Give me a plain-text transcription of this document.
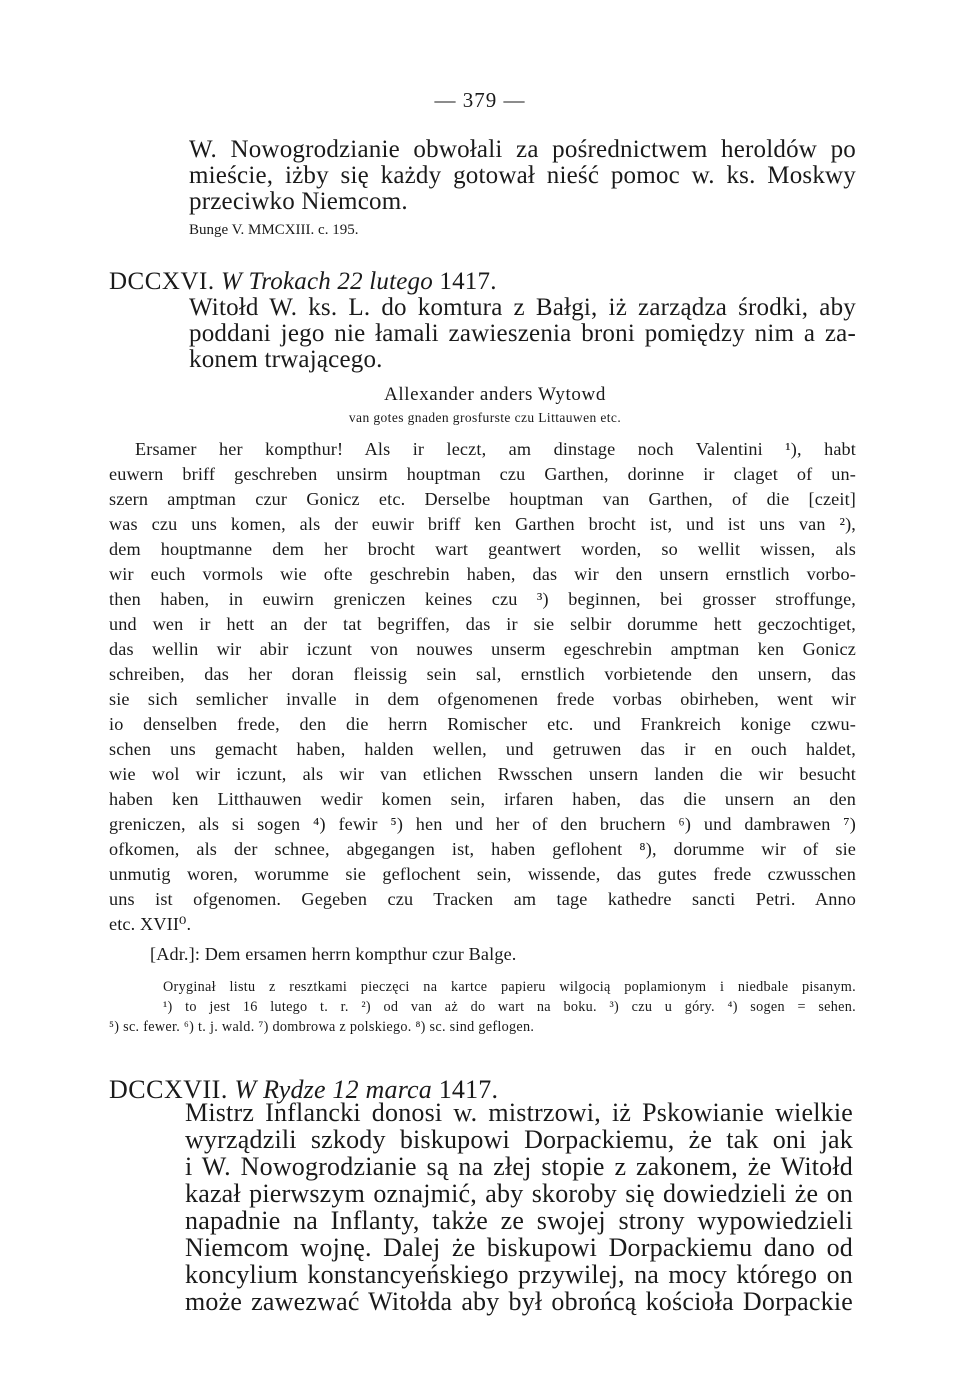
— 379 —
W. Nowogrodzianie obwołali za pośrednictwem heroldów po
mieście, iżby się każdy gotował nieść pomoc w. ks. Moskwy
przeciwko Niemcom.
Bunge V. MMCXIII. c. 195.
DCCXVI. W Trokach 22 lutego 1417.
Witołd W. ks. L. do komtura z Bałgi, iż zarządza środki, aby
poddani jego nie łamali zawieszenia broni pomiędzy nim a za-
konem trwającego.
Allexander anders Wytowd
van gotes gnaden grosfurste czu Littauwen etc.
Ersamer her kompthur! Als ir leczt, am dinstage noch Valentini ¹), habt
euwern briff geschreben unsirm houptman czu Garthen, dorinne ir claget of un-
szern amptman czur Gonicz etc. Derselbe houptman van Garthen, of die [czeit]
was czu uns komen, als der euwir briff ken Garthen brocht ist, und ist uns van ²),
dem houptmanne dem her brocht wart geantwert worden, so wellit wissen, als
wir euch vormols wie ofte geschrebin haben, das wir den unsern ernstlich vorbo-
then haben, in euwirn greniczen keines czu ³) beginnen, bei grosser stroffunge,
und wen ir hett an der tat begriffen, das ir sie selbir dorumme hett geczochtiget,
das wellin wir abir iczunt von nouwes unserm egeschrebin amptman ken Gonicz
schreiben, das her doran fleissig sein sal, ernstlich vorbietende den unsern, das
sie sich semlicher invalle in dem ofgenomenen frede vorbas obirheben, went wir
io denselben frede, den die herrn Romischer etc. und Frankreich konige czwu-
schen uns gemacht haben, halden wellen, und getruwen das ir en ouch haldet,
wie wol wir iczunt, als wir van etlichen Rwsschen unsern landen die wir besucht
haben ken Litthauwen wedir komen sein, irfaren haben, das die unsern an den
greniczen, als si sogen ⁴) fewir ⁵) hen und her of den bruchern ⁶) und dambrawen ⁷)
ofkomen, als der schnee, abgegangen ist, haben geflohent ⁸), dorumme wir of sie
unmutig woren, worumme sie geflochent sein, wissende, das gutes frede czwusschen
uns ist ofgenomen. Gegeben czu Tracken am tage kathedre sancti Petri. Anno
etc. XVII⁰.
[Adr.]: Dem ersamen herrn kompthur czur Balge.
Oryginał listu z resztkami pieczęci na kartce papieru wilgocią poplamionym i niedbale pisanym.
¹) to jest 16 lutego t. r. ²) od van aż do wart na boku. ³) czu u góry. ⁴) sogen = sehen.
⁵) sc. fewer. ⁶) t. j. wald. ⁷) dombrowa z polskiego. ⁸) sc. sind geflogen.
DCCXVII. W Rydze 12 marca 1417.
Mistrz Inflancki donosi w. mistrzowi, iż Pskowianie wielkie
wyrządzili szkody biskupowi Dorpackiemu, że tak oni jak
i W. Nowogrodzianie są na złej stopie z zakonem, że Witołd
kazał pierwszym oznajmić, aby skoroby się dowiedzieli że on
napadnie na Inflanty, także ze swojej strony wypowiedzieli
Niemcom wojnę. Dalej że biskupowi Dorpackiemu dano od
koncylium konstancyeńskiego przywilej, na mocy którego on
może zawezwać Witołda aby był obrońcą kościoła Dorpackie
